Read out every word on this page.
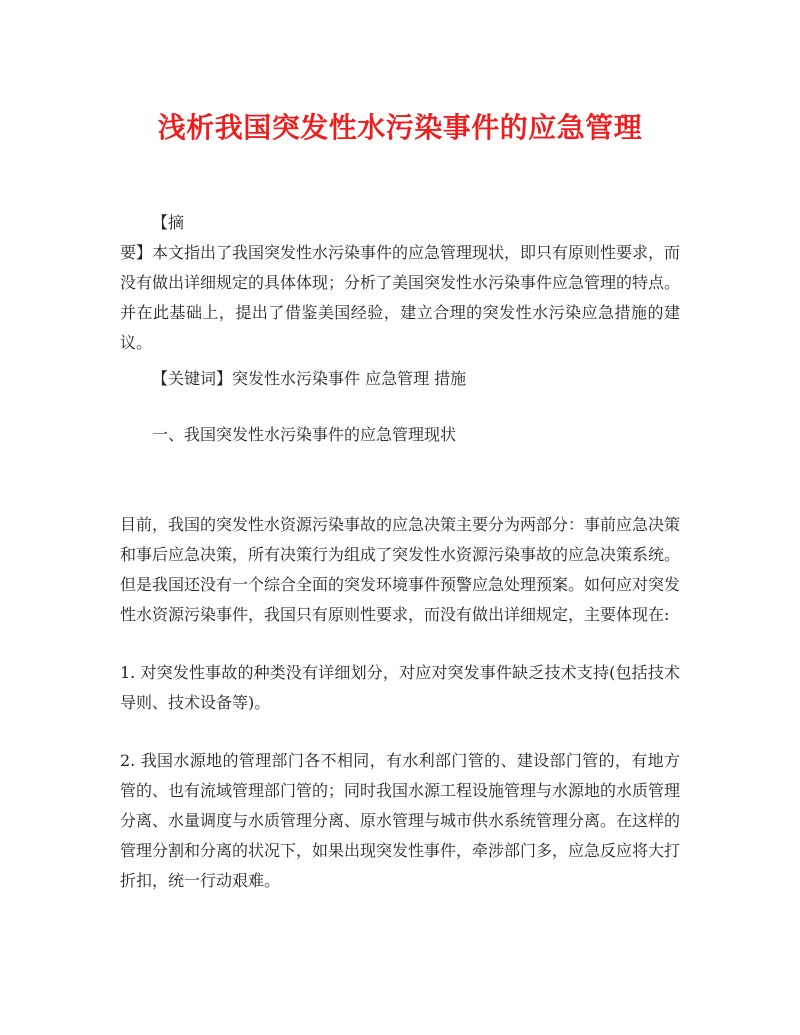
浅析我国突发性水污染事件的应急管理

【摘

要】本文指出了我国突发性水污染事件的应急管理现状，即只有原则性要求，而没有做出详细规定的具体体现；分析了美国突发性水污染事件应急管理的特点。并在此基础上，提出了借鉴美国经验，建立合理的突发性水污染应急措施的建议。

【关键词】突发性水污染事件 应急管理 措施

一、我国突发性水污染事件的应急管理现状

目前，我国的突发性水资源污染事故的应急决策主要分为两部分：事前应急决策和事后应急决策，所有决策行为组成了突发性水资源污染事故的应急决策系统。但是我国还没有一个综合全面的突发环境事件预警应急处理预案。如何应对突发性水资源污染事件，我国只有原则性要求，而没有做出详细规定，主要体现在:

1. 对突发性事故的种类没有详细划分，对应对突发事件缺乏技术支持(包括技术导则、技术设备等)。

2. 我国水源地的管理部门各不相同，有水利部门管的、建设部门管的，有地方管的、也有流域管理部门管的；同时我国水源工程设施管理与水源地的水质管理分离、水量调度与水质管理分离、原水管理与城市供水系统管理分离。在这样的管理分割和分离的状况下，如果出现突发性事件，牵涉部门多，应急反应将大打折扣，统一行动艰难。
